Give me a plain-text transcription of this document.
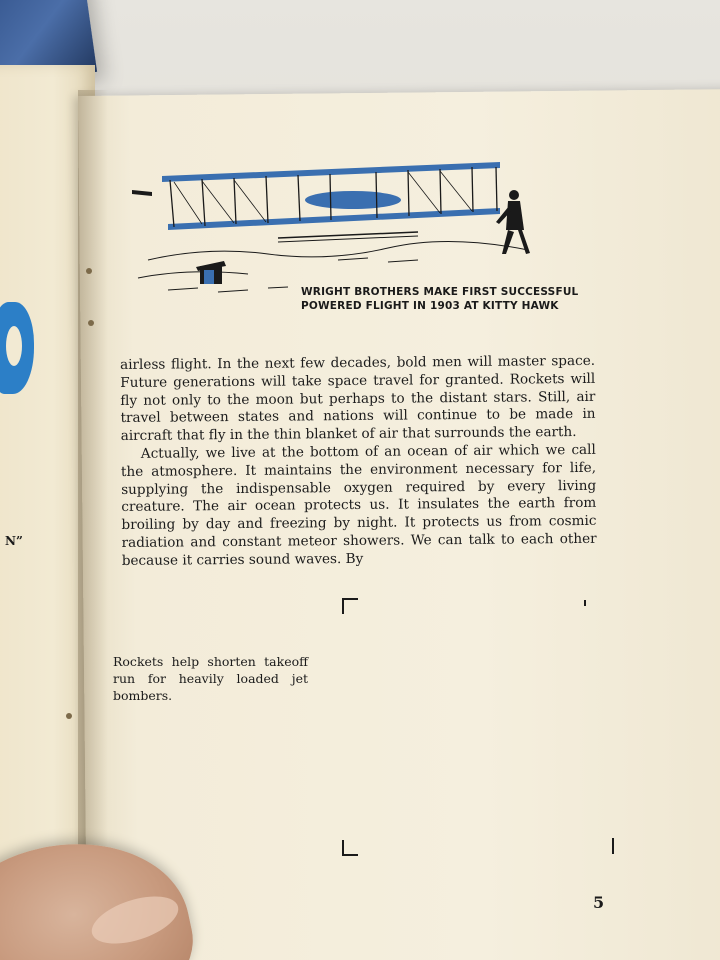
N”
WRIGHT BROTHERS MAKE FIRST SUCCESSFUL
POWERED FLIGHT IN 1903 AT KITTY HAWK

airless flight. In the next few decades, bold men will master space. Future generations will take space travel for granted. Rockets will fly not only to the moon but perhaps to the distant stars. Still, air travel between states and nations will continue to be made in aircraft that fly in the thin blanket of air that surrounds the earth.

Actually, we live at the bottom of an ocean of air which we call the atmosphere. It maintains the environment necessary for life, supplying the indispensable oxygen required by every living creature. The air ocean protects us. It insulates the earth from broiling by day and freezing by night. It protects us from cosmic radiation and constant meteor showers. We can talk to each other because it carries sound waves. By

Rockets help shorten takeoff run for heavily loaded jet bombers.
5
